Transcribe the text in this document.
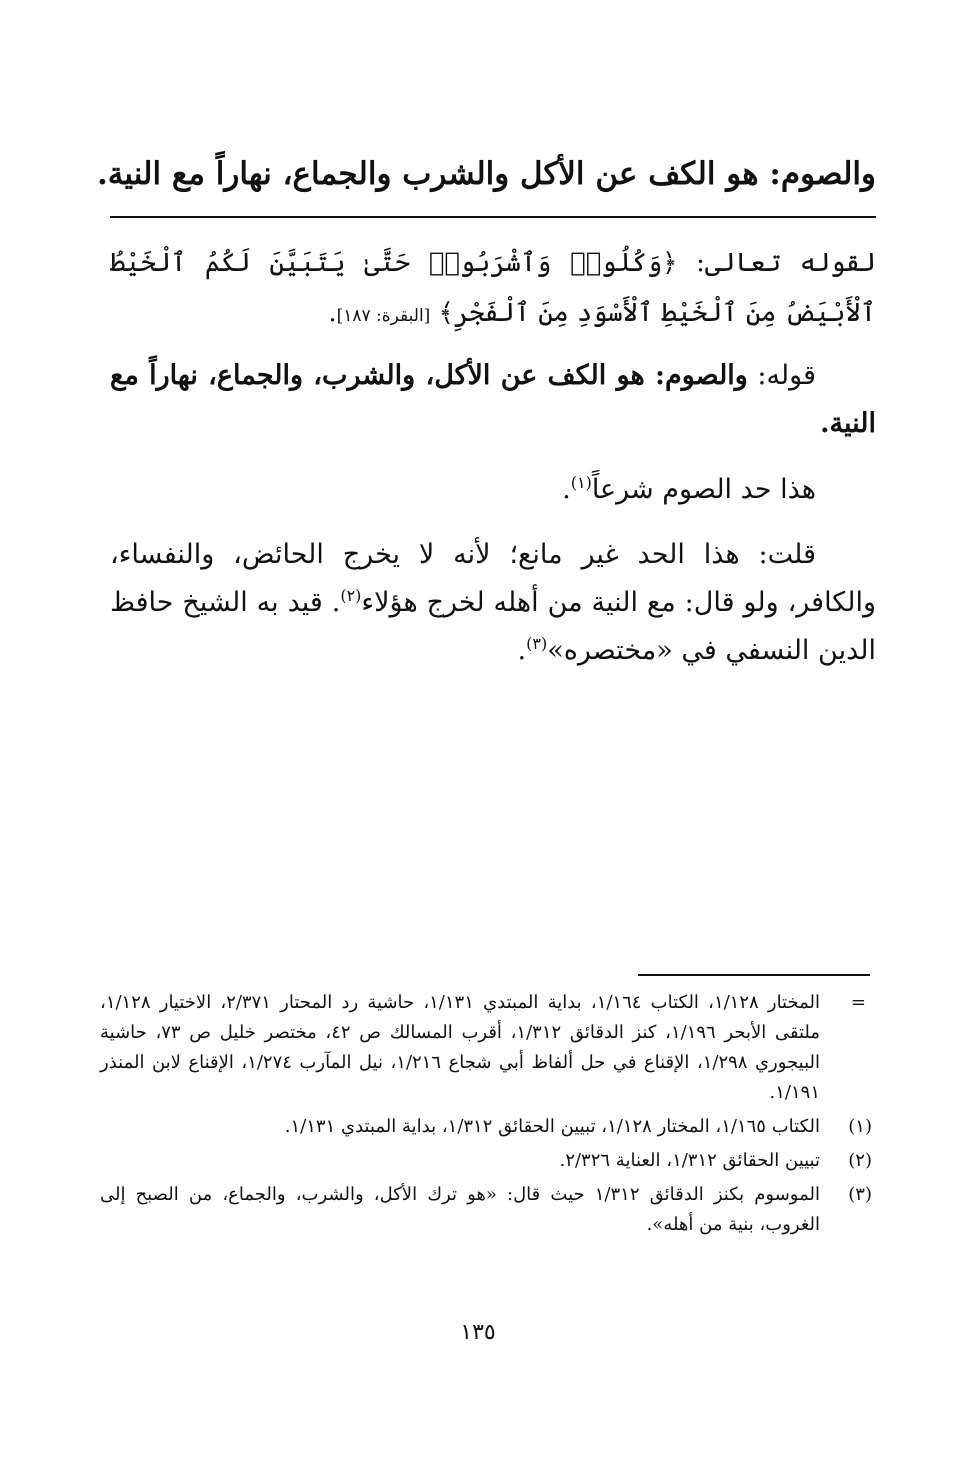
والصوم: هو الكف عن الأكل والشرب والجماع، نهاراً مع النية.
لقوله تعالى: ﴿وَكُلُوا۟ وَٱشْرَبُوا۟ حَتَّىٰ يَتَبَيَّنَ لَكُمُ ٱلْخَيْطُ ٱلْأَبْيَضُ مِنَ ٱلْخَيْطِ ٱلْأَسْوَدِ مِنَ ٱلْفَجْرِ﴾ [البقرة: ١٨٧].
قوله: والصوم: هو الكف عن الأكل، والشرب، والجماع، نهاراً مع النية.
هذا حد الصوم شرعاً$^{(١)}$.
قلت: هذا الحد غير مانع؛ لأنه لا يخرج الحائض، والنفساء، والكافر، ولو قال: مع النية من أهله لخرج هؤلاء$^{(٢)}$. قيد به الشيخ حافظ الدين النسفي في «مختصره»$^{(٣)}$.
=
المختار ١/١٢٨، الكتاب ١/١٦٤، بداية المبتدي ١/١٣١، حاشية رد المحتار ٢/٣٧١، الاختيار ١/١٢٨، ملتقى الأبحر ١/١٩٦، كنز الدقائق ١/٣١٢، أقرب المسالك ص ٤٢، مختصر خليل ص ٧٣، حاشية البيجوري ١/٢٩٨، الإقناع في حل ألفاظ أبي شجاع ١/٢١٦، نيل المآرب ١/٢٧٤، الإقناع لابن المنذر ١/١٩١.
(١)
الكتاب ١/١٦٥، المختار ١/١٢٨، تبيين الحقائق ١/٣١٢، بداية المبتدي ١/١٣١.
(٢)
تبيين الحقائق ١/٣١٢، العناية ٢/٣٢٦.
(٣)
الموسوم بكنز الدقائق ١/٣١٢ حيث قال: «هو ترك الأكل، والشرب، والجماع، من الصبح إلى الغروب، بنية من أهله».
١٣٥
